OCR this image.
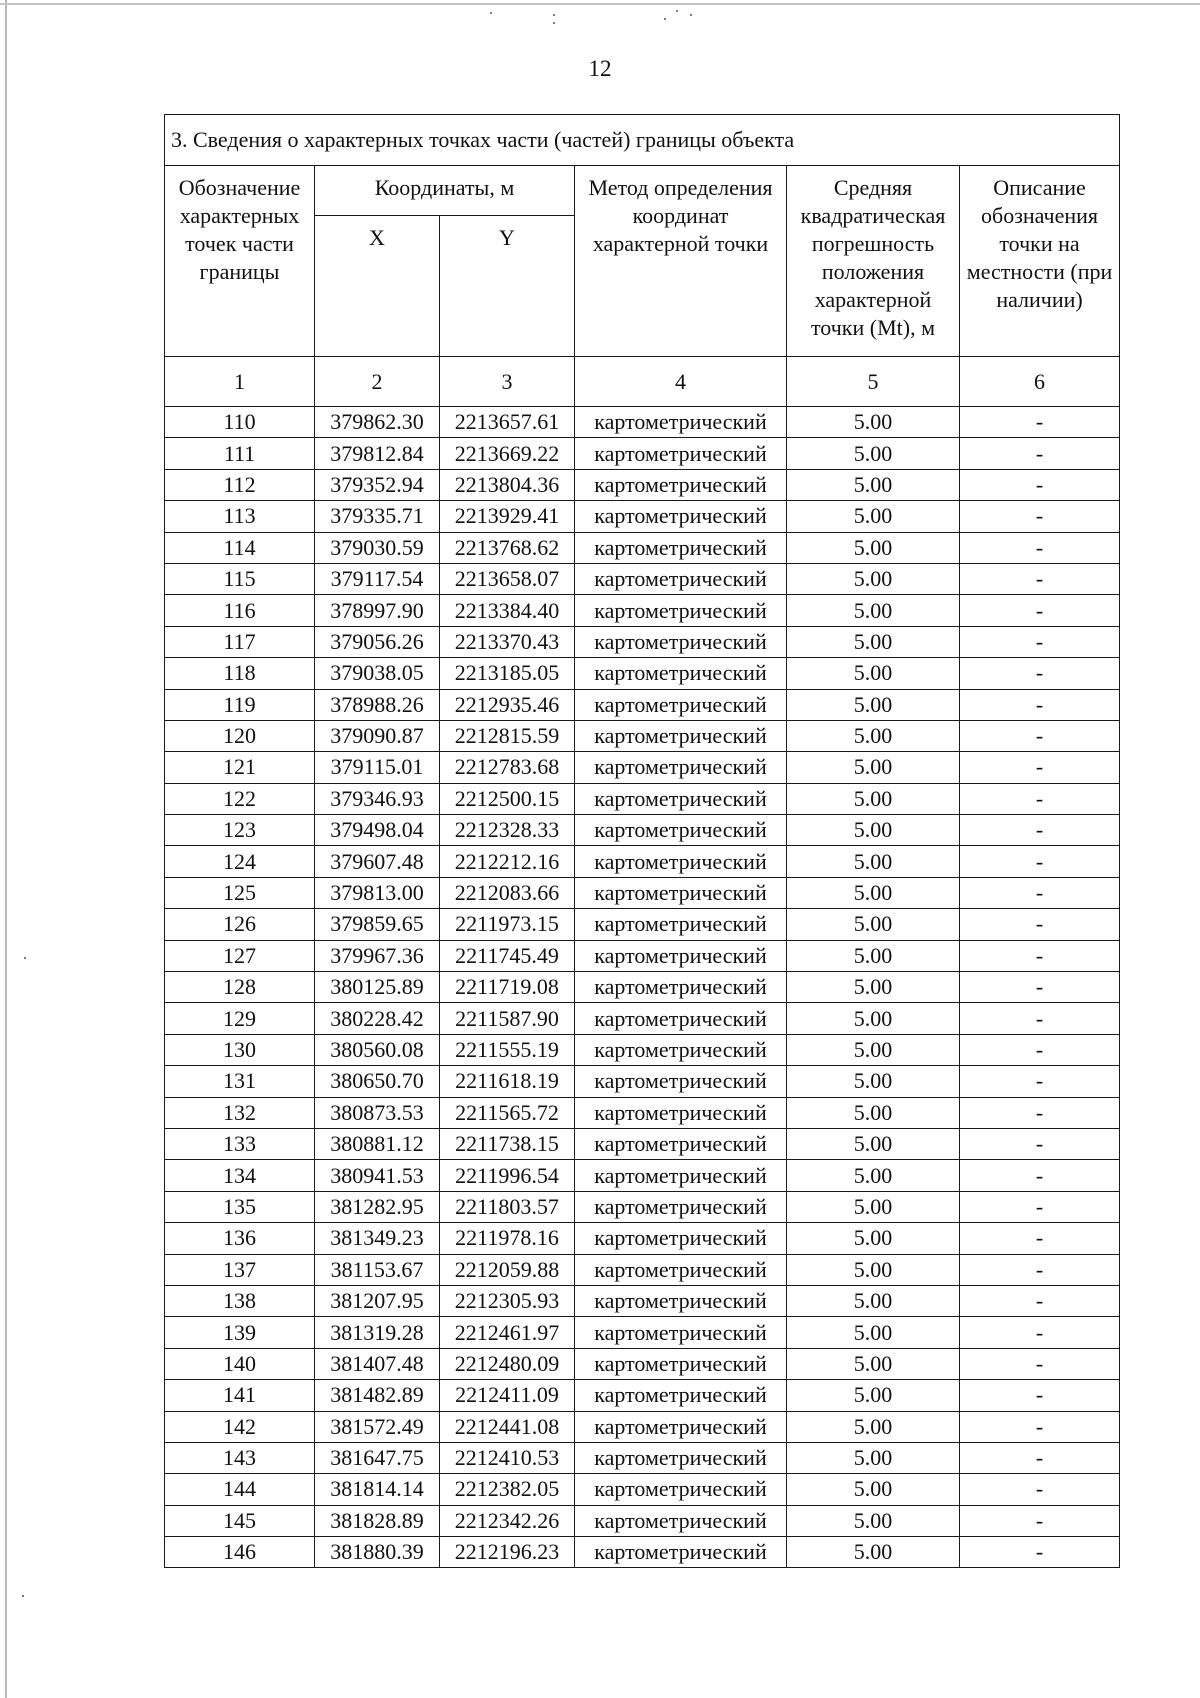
12
3. Сведения о характерных точках части (частей) границы объекта					
Обозначение характерных точек части границы	Координаты, м		Метод определения координат характерной точки	Средняя квадратическая погрешность положения характерной точки (Mt), м	Описание обозначения точки на местности (при наличии)
	X	Y			
1	2	3	4	5	6
110	379862.30	2213657.61	картометрический	5.00	-
111	379812.84	2213669.22	картометрический	5.00	-
112	379352.94	2213804.36	картометрический	5.00	-
113	379335.71	2213929.41	картометрический	5.00	-
114	379030.59	2213768.62	картометрический	5.00	-
115	379117.54	2213658.07	картометрический	5.00	-
116	378997.90	2213384.40	картометрический	5.00	-
117	379056.26	2213370.43	картометрический	5.00	-
118	379038.05	2213185.05	картометрический	5.00	-
119	378988.26	2212935.46	картометрический	5.00	-
120	379090.87	2212815.59	картометрический	5.00	-
121	379115.01	2212783.68	картометрический	5.00	-
122	379346.93	2212500.15	картометрический	5.00	-
123	379498.04	2212328.33	картометрический	5.00	-
124	379607.48	2212212.16	картометрический	5.00	-
125	379813.00	2212083.66	картометрический	5.00	-
126	379859.65	2211973.15	картометрический	5.00	-
127	379967.36	2211745.49	картометрический	5.00	-
128	380125.89	2211719.08	картометрический	5.00	-
129	380228.42	2211587.90	картометрический	5.00	-
130	380560.08	2211555.19	картометрический	5.00	-
131	380650.70	2211618.19	картометрический	5.00	-
132	380873.53	2211565.72	картометрический	5.00	-
133	380881.12	2211738.15	картометрический	5.00	-
134	380941.53	2211996.54	картометрический	5.00	-
135	381282.95	2211803.57	картометрический	5.00	-
136	381349.23	2211978.16	картометрический	5.00	-
137	381153.67	2212059.88	картометрический	5.00	-
138	381207.95	2212305.93	картометрический	5.00	-
139	381319.28	2212461.97	картометрический	5.00	-
140	381407.48	2212480.09	картометрический	5.00	-
141	381482.89	2212411.09	картометрический	5.00	-
142	381572.49	2212441.08	картометрический	5.00	-
143	381647.75	2212410.53	картометрический	5.00	-
144	381814.14	2212382.05	картометрический	5.00	-
145	381828.89	2212342.26	картометрический	5.00	-
146	381880.39	2212196.23	картометрический	5.00	-
